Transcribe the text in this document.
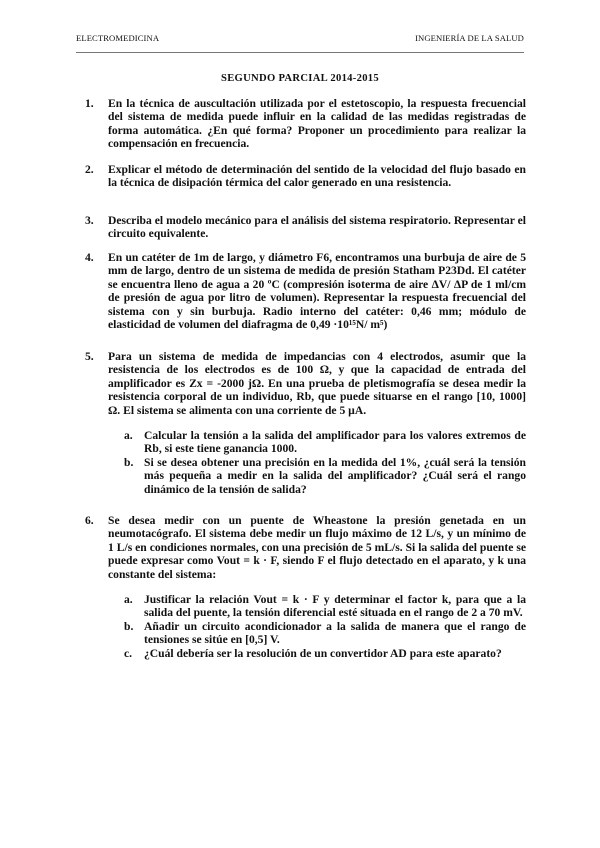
ELECTROMEDICINA	INGENIERÍA DE LA SALUD
SEGUNDO PARCIAL 2014-2015
1.	En la técnica de auscultación utilizada por el estetoscopio, la respuesta frecuencial del sistema de medida puede influir en la calidad de las medidas registradas de forma automática. ¿En qué forma? Proponer un procedimiento para realizar la compensación en frecuencia.
2.	Explicar el método de determinación del sentido de la velocidad del flujo basado en la técnica de disipación térmica del calor generado en una resistencia.
3.	Describa el modelo mecánico para el análisis del sistema respiratorio. Representar el circuito equivalente.
4.	En un catéter de 1m de largo, y diámetro F6, encontramos una burbuja de aire de 5 mm de largo, dentro de un sistema de medida de presión Statham P23Dd. El catéter se encuentra lleno de agua a 20 ºC (compresión isoterma de aire ΔV/ ΔP de 1 ml/cm de presión de agua por litro de volumen). Representar la respuesta frecuencial del sistema con y sin burbuja. Radio interno del catéter: 0,46 mm; módulo de elasticidad de volumen del diafragma de 0,49 ·10¹⁵N/ m⁵)
5.	Para un sistema de medida de impedancias con 4 electrodos, asumir que la resistencia de los electrodos es de 100 Ω, y que la capacidad de entrada del amplificador es Zx = -2000 jΩ. En una prueba de pletismografía se desea medir la resistencia corporal de un individuo, Rb, que puede situarse en el rango [10, 1000] Ω. El sistema se alimenta con una corriente de 5 µA.
a. Calcular la tensión a la salida del amplificador para los valores extremos de Rb, si este tiene ganancia 1000.
b. Si se desea obtener una precisión en la medida del 1%, ¿cuál será la tensión más pequeña a medir en la salida del amplificador? ¿Cuál será el rango dinámico de la tensión de salida?
6.	Se desea medir con un puente de Wheastone la presión genetada en un neumotacógrafo. El sistema debe medir un flujo máximo de 12 L/s, y un mínimo de 1 L/s en condiciones normales, con una precisión de 5 mL/s. Si la salida del puente se puede expresar como Vout = k · F, siendo F el flujo detectado en el aparato, y k una constante del sistema:
a. Justificar la relación Vout = k · F y determinar el factor k, para que a la salida del puente, la tensión diferencial esté situada en el rango de 2 a 70 mV.
b. Añadir un circuito acondicionador a la salida de manera que el rango de tensiones se sitúe en [0,5] V.
c.	¿Cuál debería ser la resolución de un convertidor AD para este aparato?
